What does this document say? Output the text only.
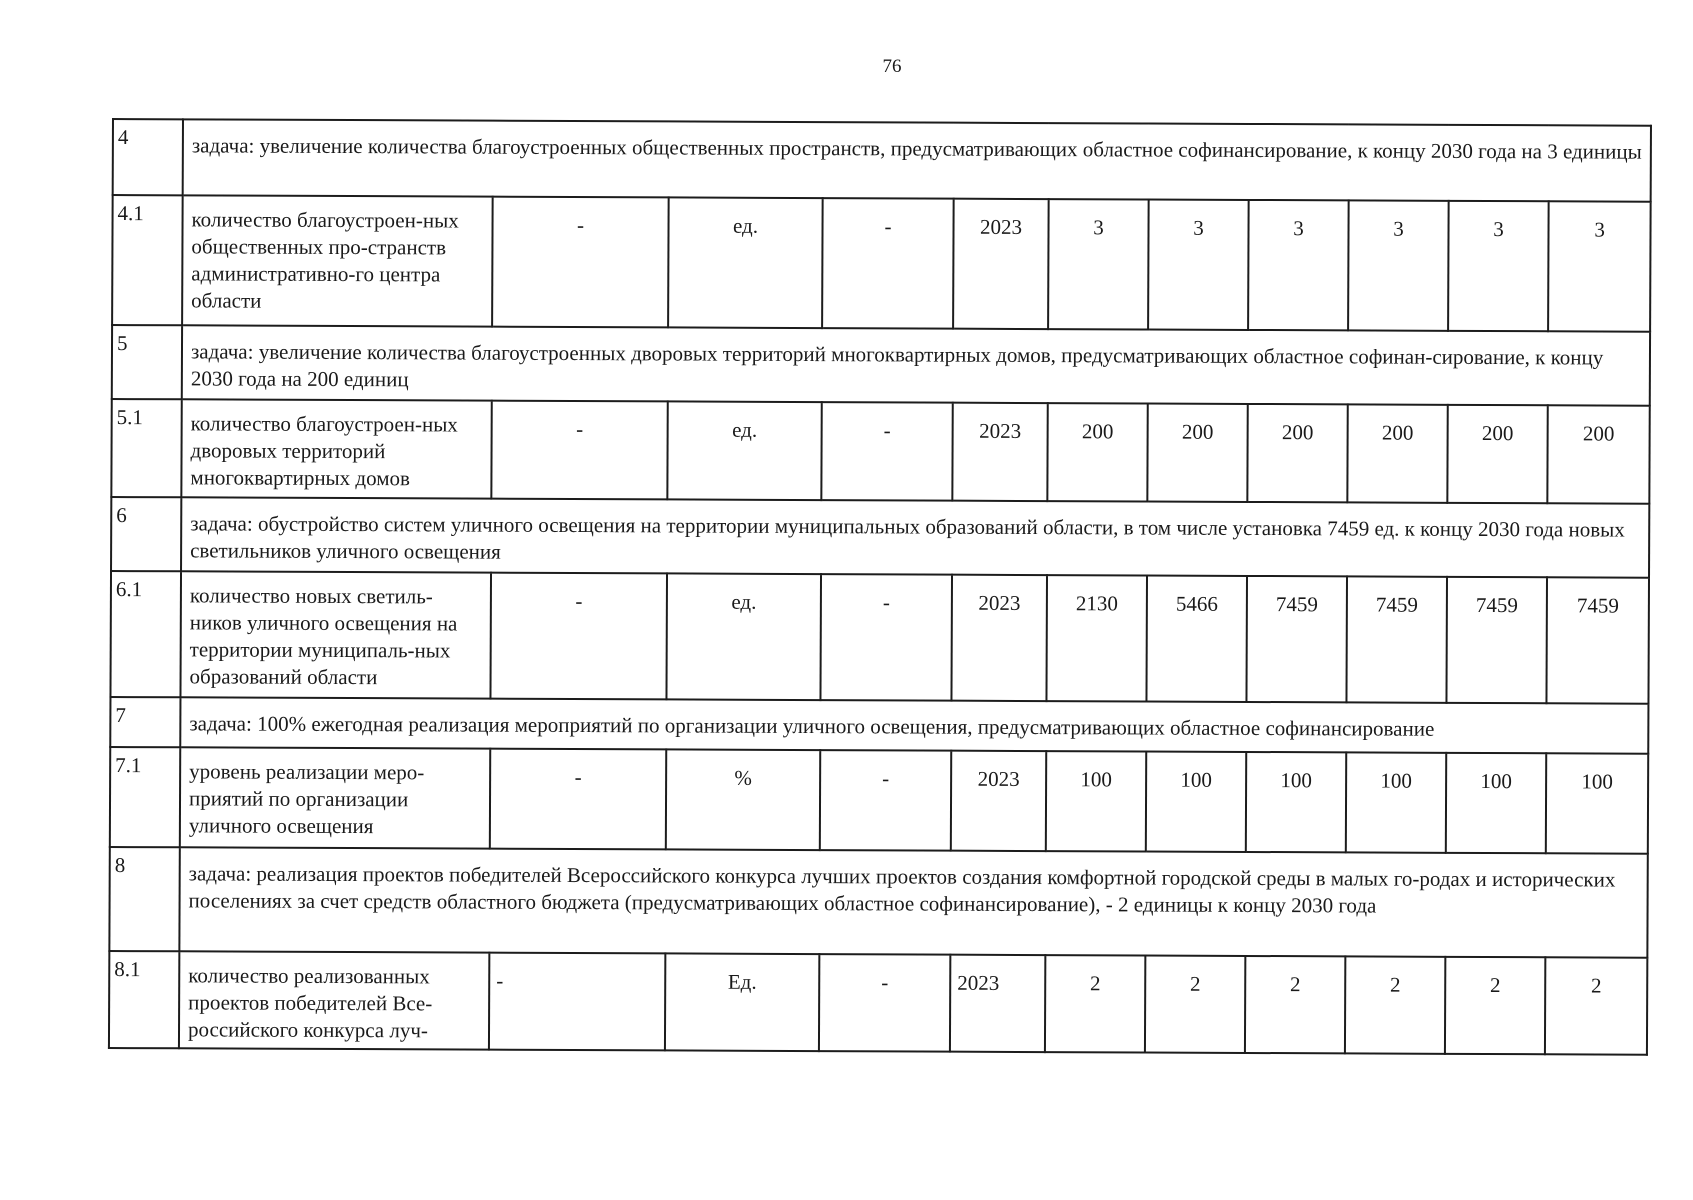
76
4	задача: увеличение количества благоустроенных общественных пространств, предусматривающих областное софинансирование, к концу 2030 года на 3 единицы										
4.1	количество благоустроен-ных общественных про-странств административно-го центра области	-	ед.	-	2023	3	3	3	3	3	3
5	задача: увеличение количества благоустроенных дворовых территорий многоквартирных домов, предусматривающих областное софинан-сирование, к концу 2030 года на 200 единиц										
5.1	количество благоустроен-ных дворовых территорий многоквартирных домов	-	ед.	-	2023	200	200	200	200	200	200
6	задача: обустройство систем уличного освещения на территории муниципальных образований области, в том числе установка 7459 ед. к концу 2030 года новых светильников уличного освещения										
6.1	количество новых светиль-ников уличного освещения на территории муниципаль-ных образований области	-	ед.	-	2023	2130	5466	7459	7459	7459	7459
7	задача: 100% ежегодная реализация мероприятий по организации уличного освещения, предусматривающих областное софинансирование										
7.1	уровень реализации меро-приятий по организации уличного освещения	-	%	-	2023	100	100	100	100	100	100
8	задача: реализация проектов победителей Всероссийского конкурса лучших проектов создания комфортной городской среды в малых го-родах и исторических поселениях за счет средств областного бюджета (предусматривающих областное софинансирование), - 2 единицы к концу 2030 года										
8.1	количество реализованных проектов победителей Все-российского конкурса луч-	-	Ед.	-	2023	2	2	2	2	2	2
